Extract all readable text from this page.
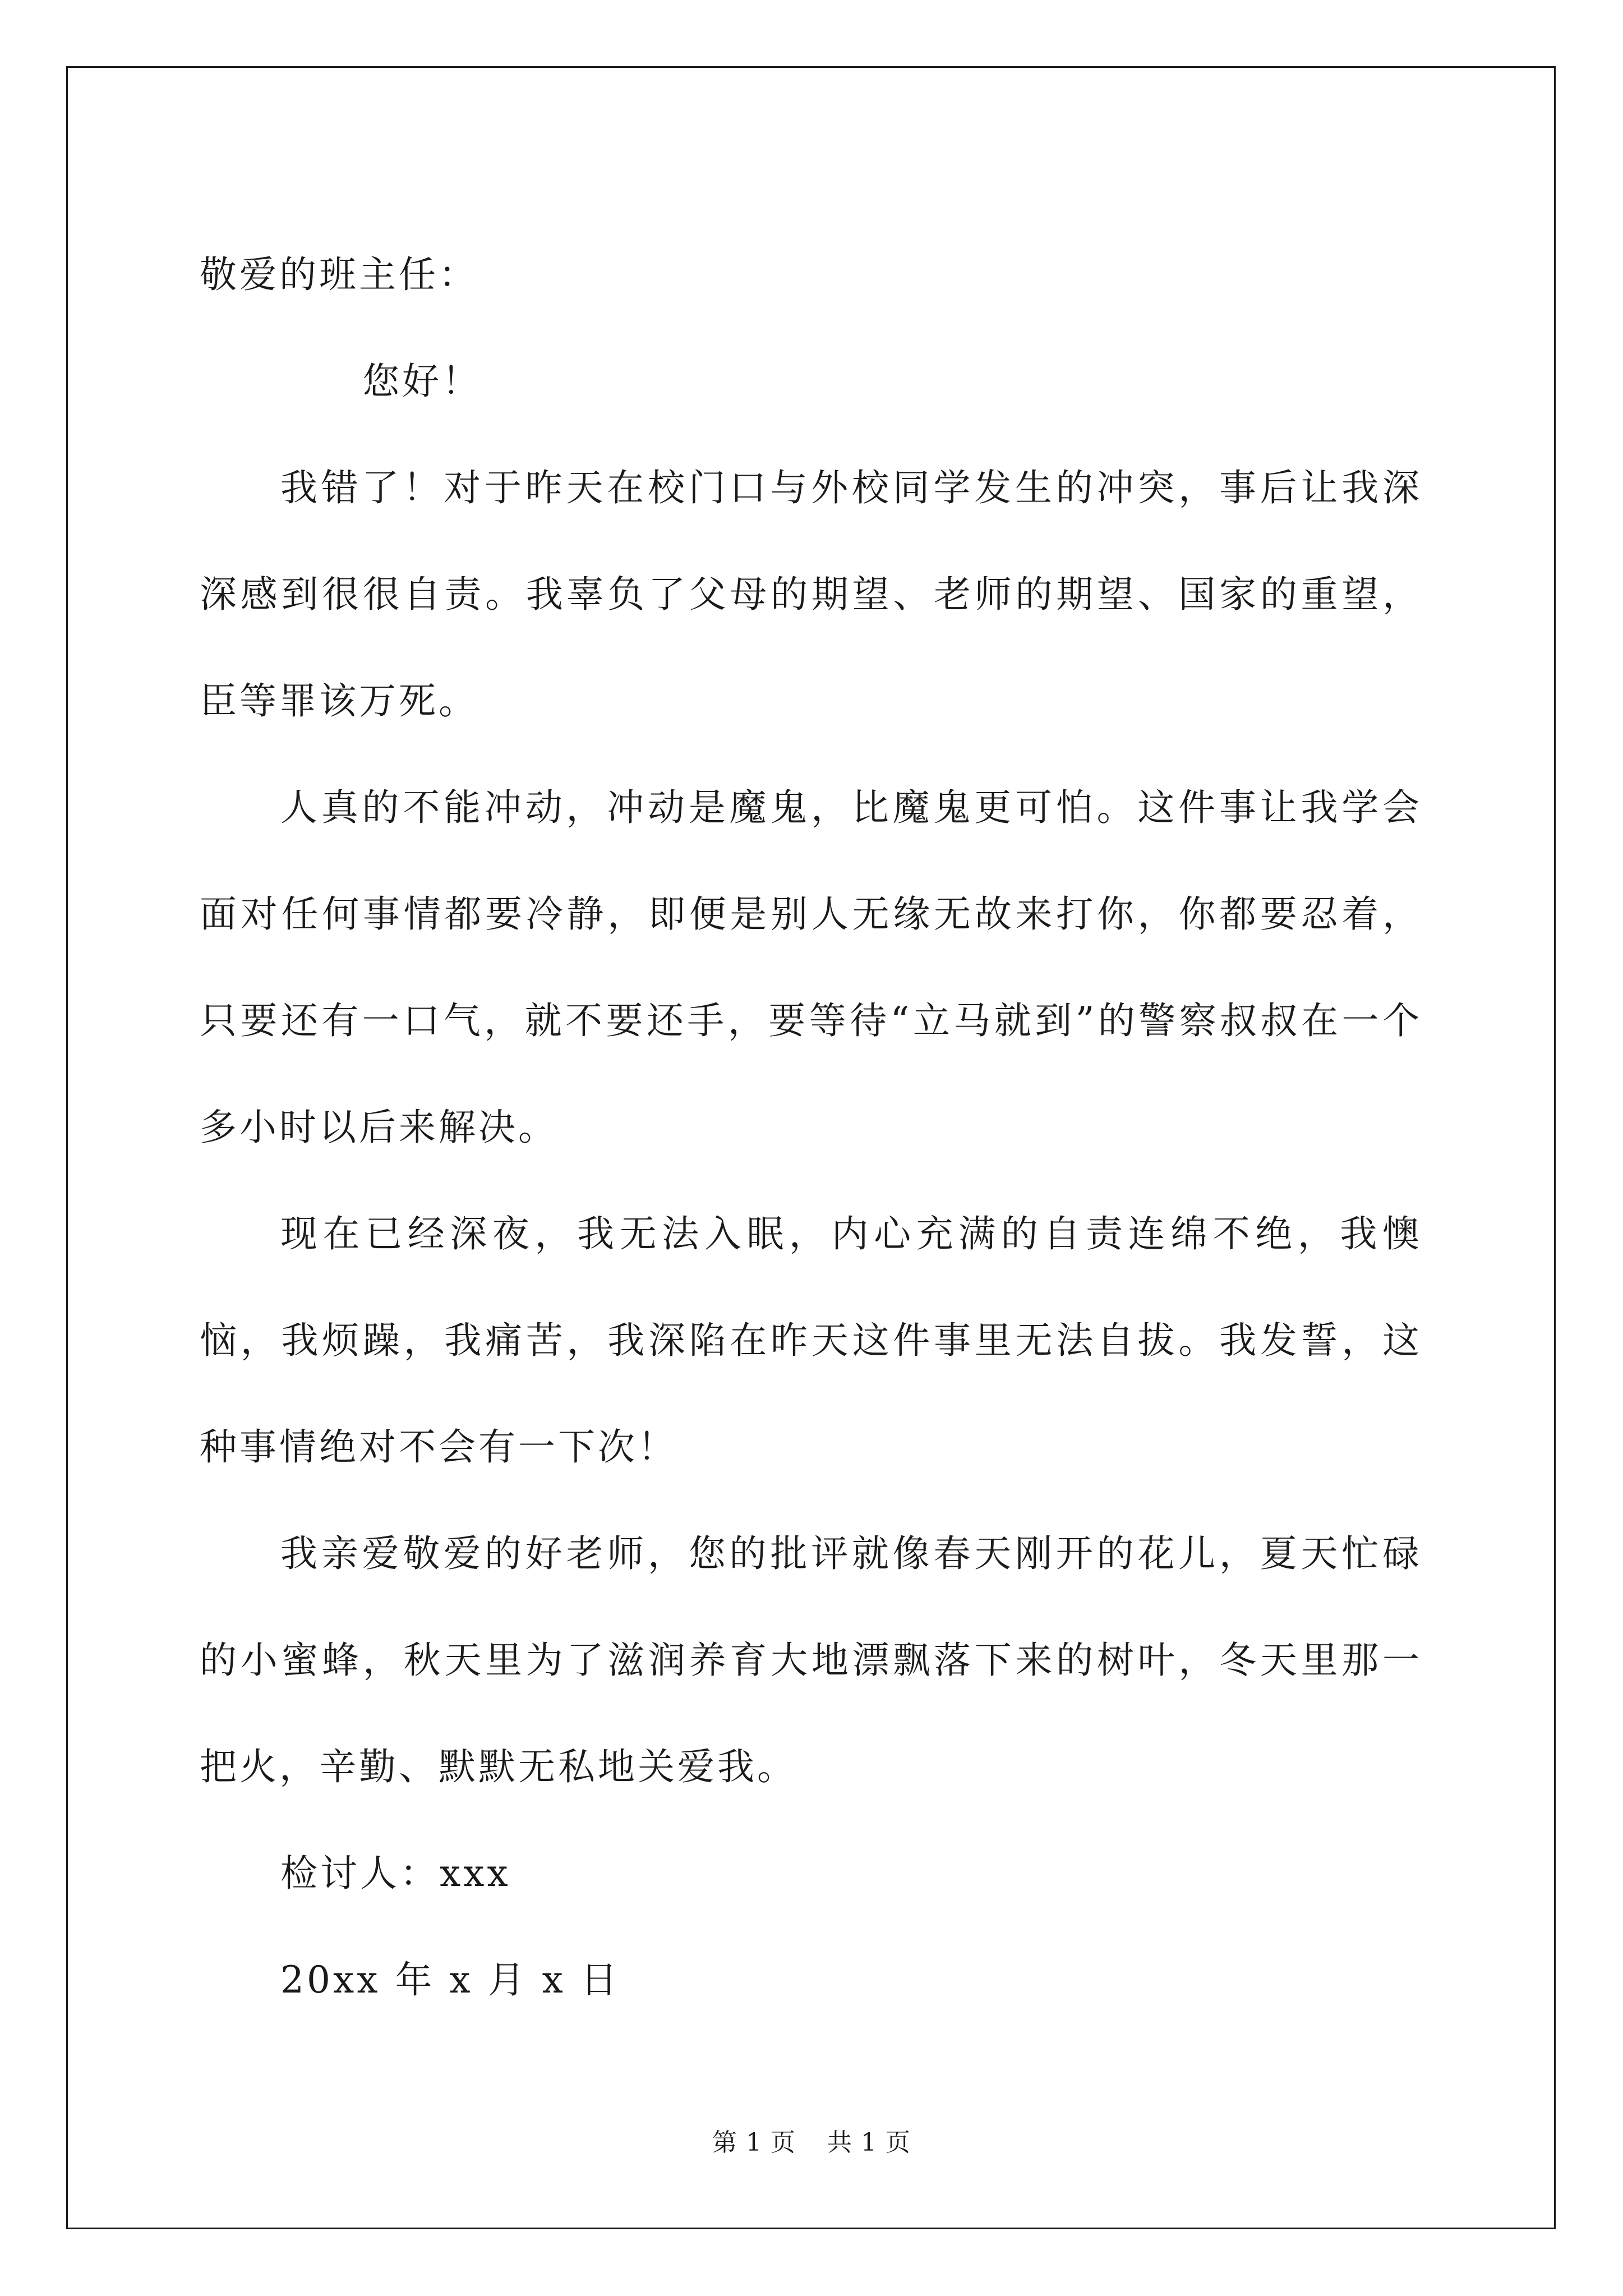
敬爱的班主任：

您好！

我错了！对于昨天在校门口与外校同学发生的冲突，事后让我深深感到很很自责。我辜负了父母的期望、老师的期望、国家的重望，臣等罪该万死。

人真的不能冲动，冲动是魔鬼，比魔鬼更可怕。这件事让我学会面对任何事情都要冷静，即便是别人无缘无故来打你，你都要忍着，只要还有一口气，就不要还手，要等待“立马就到”的警察叔叔在一个多小时以后来解决。

现在已经深夜，我无法入眠，内心充满的自责连绵不绝，我懊恼，我烦躁，我痛苦，我深陷在昨天这件事里无法自拔。我发誓，这种事情绝对不会有一下次！

我亲爱敬爱的好老师，您的批评就像春天刚开的花儿，夏天忙碌的小蜜蜂，秋天里为了滋润养育大地漂飘落下来的树叶，冬天里那一把火，辛勤、默默无私地关爱我。

检讨人：xxx

20xx 年 x 月 x 日

第 1 页 共 1 页
